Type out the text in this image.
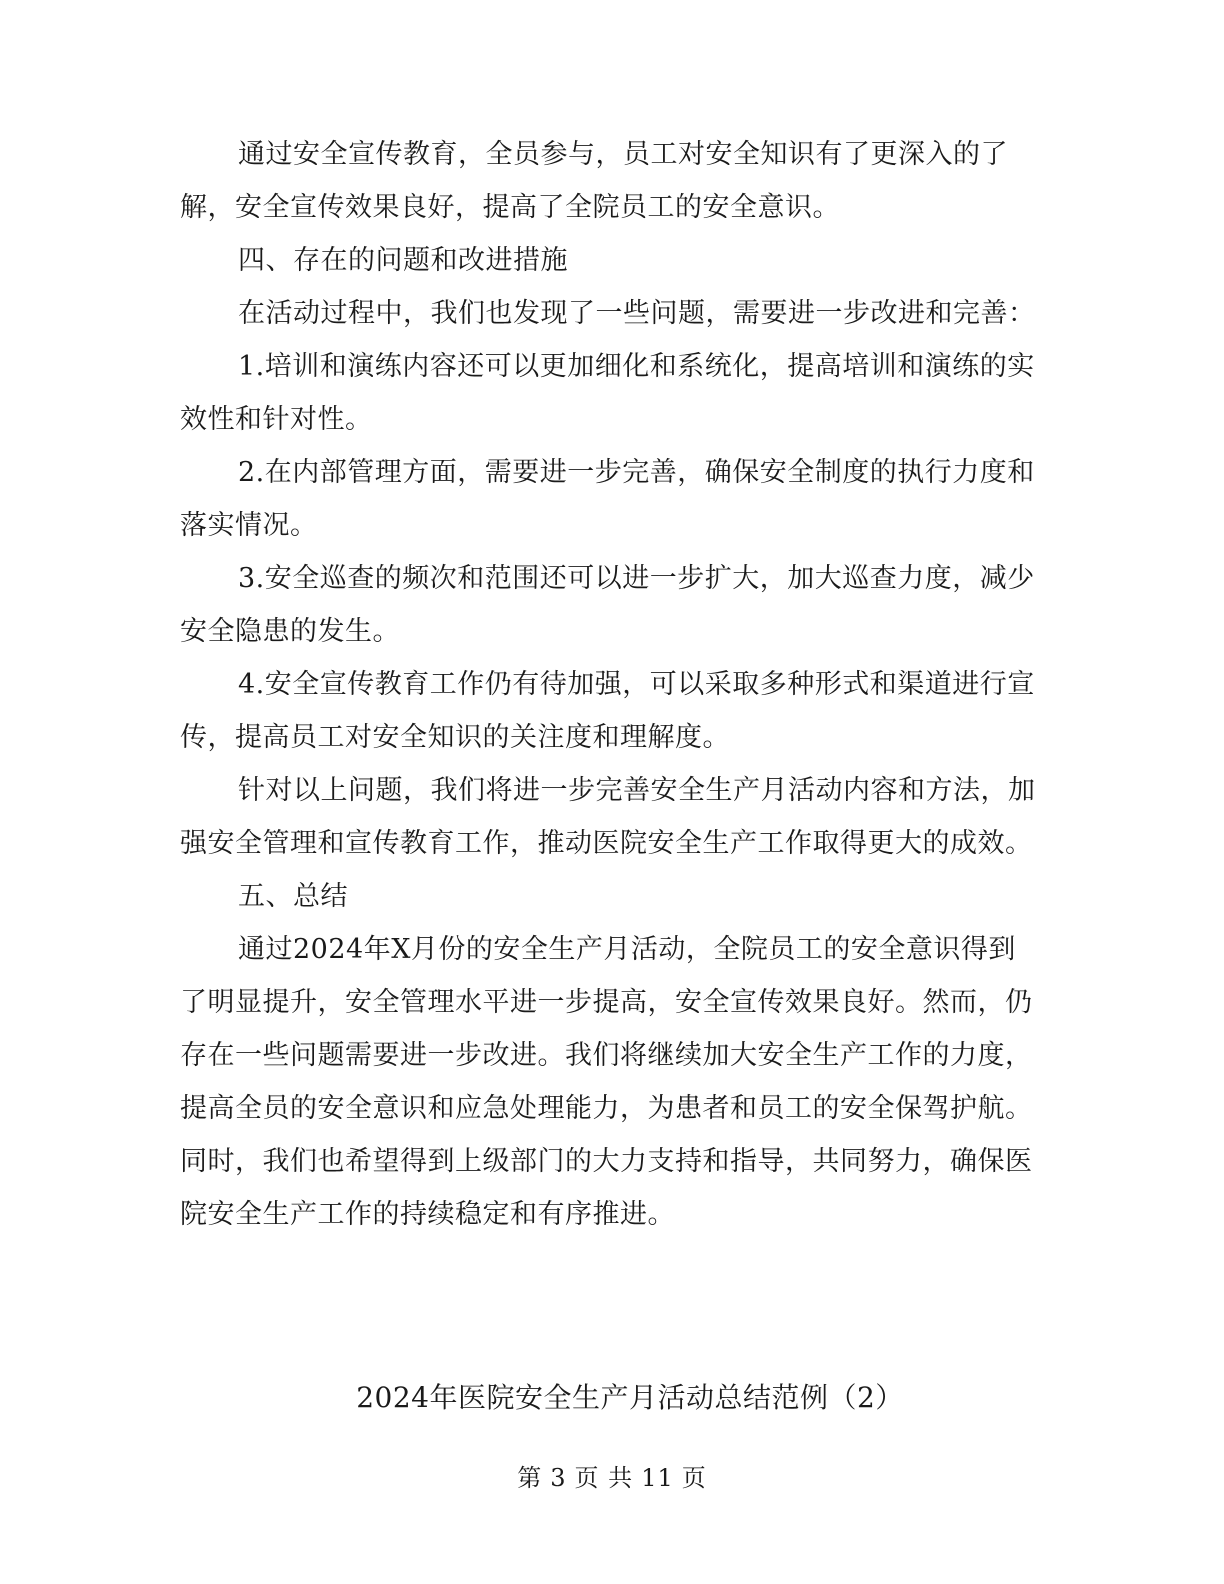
通过安全宣传教育，全员参与，员工对安全知识有了更深入的了解，安全宣传效果良好，提高了全院员工的安全意识。

四、存在的问题和改进措施

在活动过程中，我们也发现了一些问题，需要进一步改进和完善：

1.培训和演练内容还可以更加细化和系统化，提高培训和演练的实效性和针对性。

2.在内部管理方面，需要进一步完善，确保安全制度的执行力度和落实情况。

3.安全巡查的频次和范围还可以进一步扩大，加大巡查力度，减少安全隐患的发生。

4.安全宣传教育工作仍有待加强，可以采取多种形式和渠道进行宣传，提高员工对安全知识的关注度和理解度。

针对以上问题，我们将进一步完善安全生产月活动内容和方法，加强安全管理和宣传教育工作，推动医院安全生产工作取得更大的成效。

五、总结

通过2024年X月份的安全生产月活动，全院员工的安全意识得到了明显提升，安全管理水平进一步提高，安全宣传效果良好。然而，仍存在一些问题需要进一步改进。我们将继续加大安全生产工作的力度，提高全员的安全意识和应急处理能力，为患者和员工的安全保驾护航。同时，我们也希望得到上级部门的大力支持和指导，共同努力，确保医院安全生产工作的持续稳定和有序推进。

2024年医院安全生产月活动总结范例（2）

第 3 页 共 11 页
